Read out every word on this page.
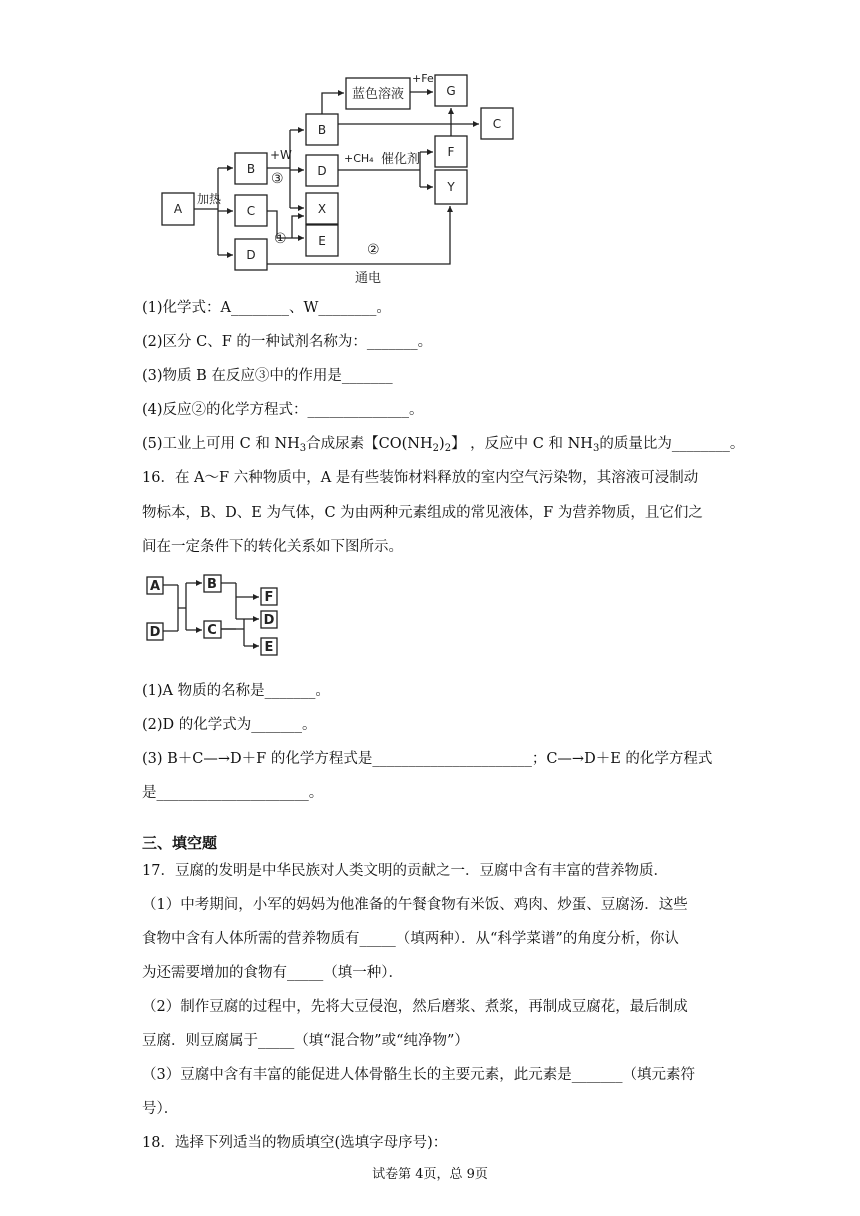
A
B
C
D
B
D
X
E
蓝色溶液	G
C
F
Y
加热
+W
③
①
②
+Fe
+CH₄ 催化剂
通电
(1)化学式：A________、W________。
(2)区分 C、F 的一种试剂名称为：_______。
(3)物质 B 在反应③中的作用是_______
(4)反应②的化学方程式：______________。
(5)工业上可用 C 和 $NH_3$合成尿素【$CO(NH_2)_2$】 ，反应中 C 和 $NH_3$的质量比为________。
16．在 A～F 六种物质中，A 是有些装饰材料释放的室内空气污染物，其溶液可浸制动
物标本，B、D、E 为气体，C 为由两种元素组成的常见液体，F 为营养物质，且它们之
间在一定条件下的转化关系如下图所示。
A
D
B
C
F
D
E
(1)A 物质的名称是_______。
(2)D 的化学式为_______。
(3) B＋C—→D＋F 的化学方程式是______________________；C—→D＋E 的化学方程式
是_____________________。
三、填空题
17．豆腐的发明是中华民族对人类文明的贡献之一．豆腐中含有丰富的营养物质．
（1）中考期间，小军的妈妈为他准备的午餐食物有米饭、鸡肉、炒蛋、豆腐汤．这些
食物中含有人体所需的营养物质有_____（填两种）．从“科学菜谱”的角度分析，你认
为还需要增加的食物有_____（填一种）．
（2）制作豆腐的过程中，先将大豆侵泡，然后磨浆、煮浆，再制成豆腐花，最后制成
豆腐．则豆腐属于_____（填“混合物”或“纯净物”）
（3）豆腐中含有丰富的能促进人体骨骼生长的主要元素，此元素是_______（填元素符
号）．
18．选择下列适当的物质填空(选填字母序号)：
试卷第 4页，总 9页
